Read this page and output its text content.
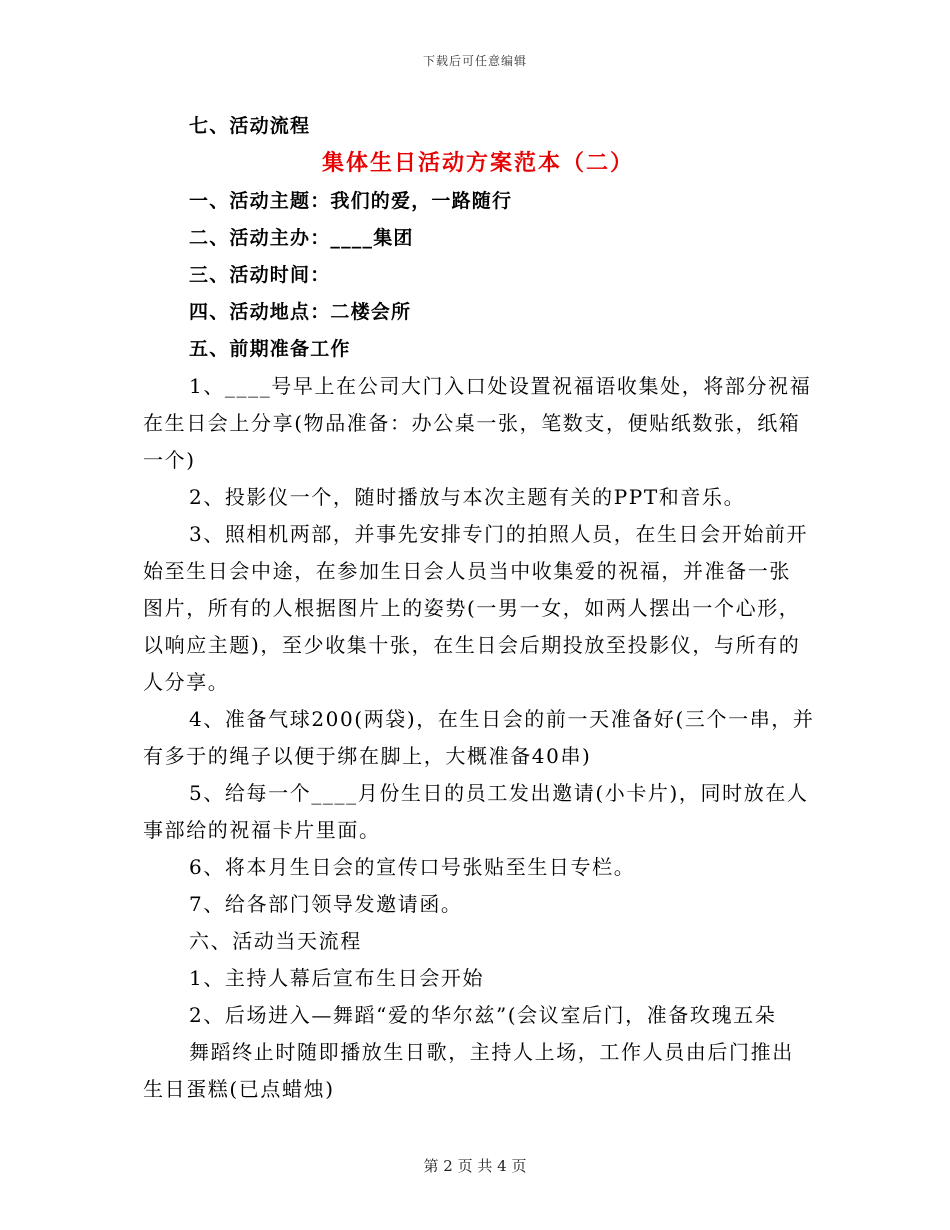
下载后可任意编辑
七、活动流程
集体生日活动方案范本（二）
一、活动主题：我们的爱，一路随行
二、活动主办：____集团
三、活动时间：
四、活动地点：二楼会所
五、前期准备工作
1、____号早上在公司大门入口处设置祝福语收集处，将部分祝福
在生日会上分享(物品准备：办公桌一张，笔数支，便贴纸数张，纸箱
一个)
2、投影仪一个，随时播放与本次主题有关的PPT和音乐。
3、照相机两部，并事先安排专门的拍照人员，在生日会开始前开
始至生日会中途，在参加生日会人员当中收集爱的祝福，并准备一张
图片，所有的人根据图片上的姿势(一男一女，如两人摆出一个心形，
以响应主题)，至少收集十张，在生日会后期投放至投影仪，与所有的
人分享。
4、准备气球200(两袋)，在生日会的前一天准备好(三个一串，并
有多于的绳子以便于绑在脚上，大概准备40串)
5、给每一个____月份生日的员工发出邀请(小卡片)，同时放在人
事部给的祝福卡片里面。
6、将本月生日会的宣传口号张贴至生日专栏。
7、给各部门领导发邀请函。
六、活动当天流程
1、主持人幕后宣布生日会开始
2、后场进入—舞蹈“爱的华尔兹”(会议室后门，准备玫瑰五朵
舞蹈终止时随即播放生日歌，主持人上场，工作人员由后门推出
生日蛋糕(已点蜡烛)
第 2 页 共 4 页
